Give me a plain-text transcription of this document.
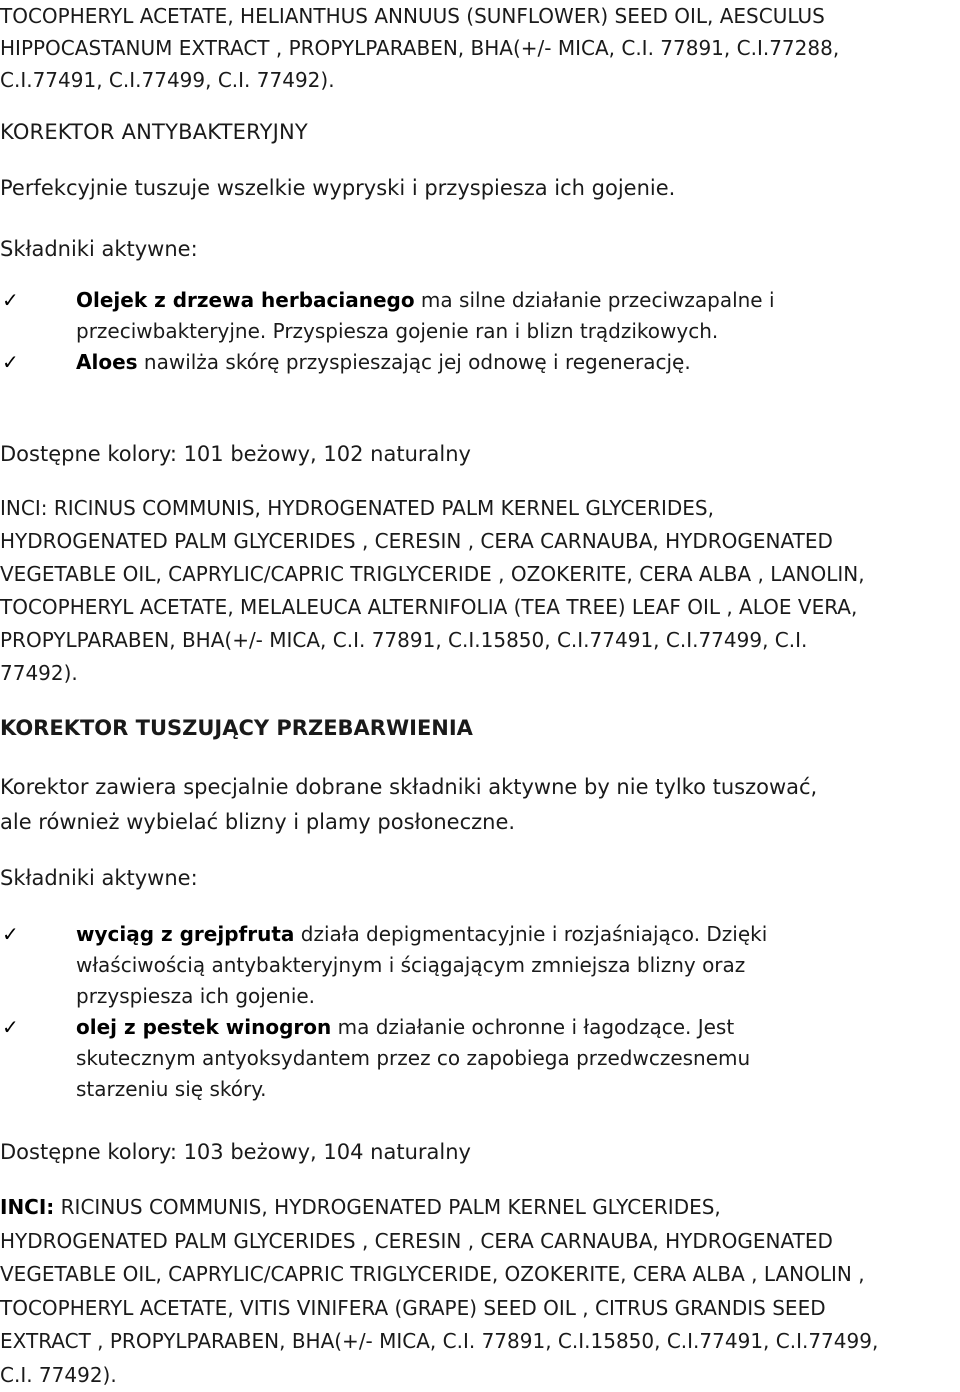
TOCOPHERYL ACETATE, HELIANTHUS ANNUUS (SUNFLOWER) SEED OIL, AESCULUS
HIPPOCASTANUM EXTRACT , PROPYLPARABEN, BHA(+/- MICA, C.I. 77891, C.I.77288,
C.I.77491, C.I.77499, C.I. 77492).
KOREKTOR ANTYBAKTERYJNY
Perfekcyjnie tuszuje wszelkie wypryski i przyspiesza ich gojenie.
Składniki aktywne:
✓	Olejek z drzewa herbacianego ma silne działanie przeciwzapalne i
przeciwbakteryjne. Przyspiesza gojenie ran i blizn trądzikowych.
✓	Aloes nawilża skórę przyspieszając jej odnowę i regenerację.
Dostępne kolory: 101 beżowy, 102 naturalny
INCI: RICINUS COMMUNIS, HYDROGENATED PALM KERNEL GLYCERIDES,
HYDROGENATED PALM GLYCERIDES , CERESIN , CERA CARNAUBA, HYDROGENATED
VEGETABLE OIL, CAPRYLIC/CAPRIC TRIGLYCERIDE , OZOKERITE, CERA ALBA , LANOLIN,
TOCOPHERYL ACETATE, MELALEUCA ALTERNIFOLIA (TEA TREE) LEAF OIL , ALOE VERA,
PROPYLPARABEN, BHA(+/- MICA, C.I. 77891, C.I.15850, C.I.77491, C.I.77499, C.I.
77492).
KOREKTOR TUSZUJĄCY PRZEBARWIENIA
Korektor zawiera specjalnie dobrane składniki aktywne by nie tylko tuszować,
ale również wybielać blizny i plamy posłoneczne.
Składniki aktywne:
✓	wyciąg z grejpfruta działa depigmentacyjnie i rozjaśniająco. Dzięki
właściwością antybakteryjnym i ściągającym zmniejsza blizny oraz
przyspiesza ich gojenie.
✓	olej z pestek winogron ma działanie ochronne i łagodzące. Jest
skutecznym antyoksydantem przez co zapobiega przedwczesnemu
starzeniu się skóry.
Dostępne kolory: 103 beżowy, 104 naturalny
INCI: RICINUS COMMUNIS, HYDROGENATED PALM KERNEL GLYCERIDES,
HYDROGENATED PALM GLYCERIDES , CERESIN , CERA CARNAUBA, HYDROGENATED
VEGETABLE OIL, CAPRYLIC/CAPRIC TRIGLYCERIDE, OZOKERITE, CERA ALBA , LANOLIN ,
TOCOPHERYL ACETATE, VITIS VINIFERA (GRAPE) SEED OIL , CITRUS GRANDIS SEED
EXTRACT , PROPYLPARABEN, BHA(+/- MICA, C.I. 77891, C.I.15850, C.I.77491, C.I.77499,
C.I. 77492).
